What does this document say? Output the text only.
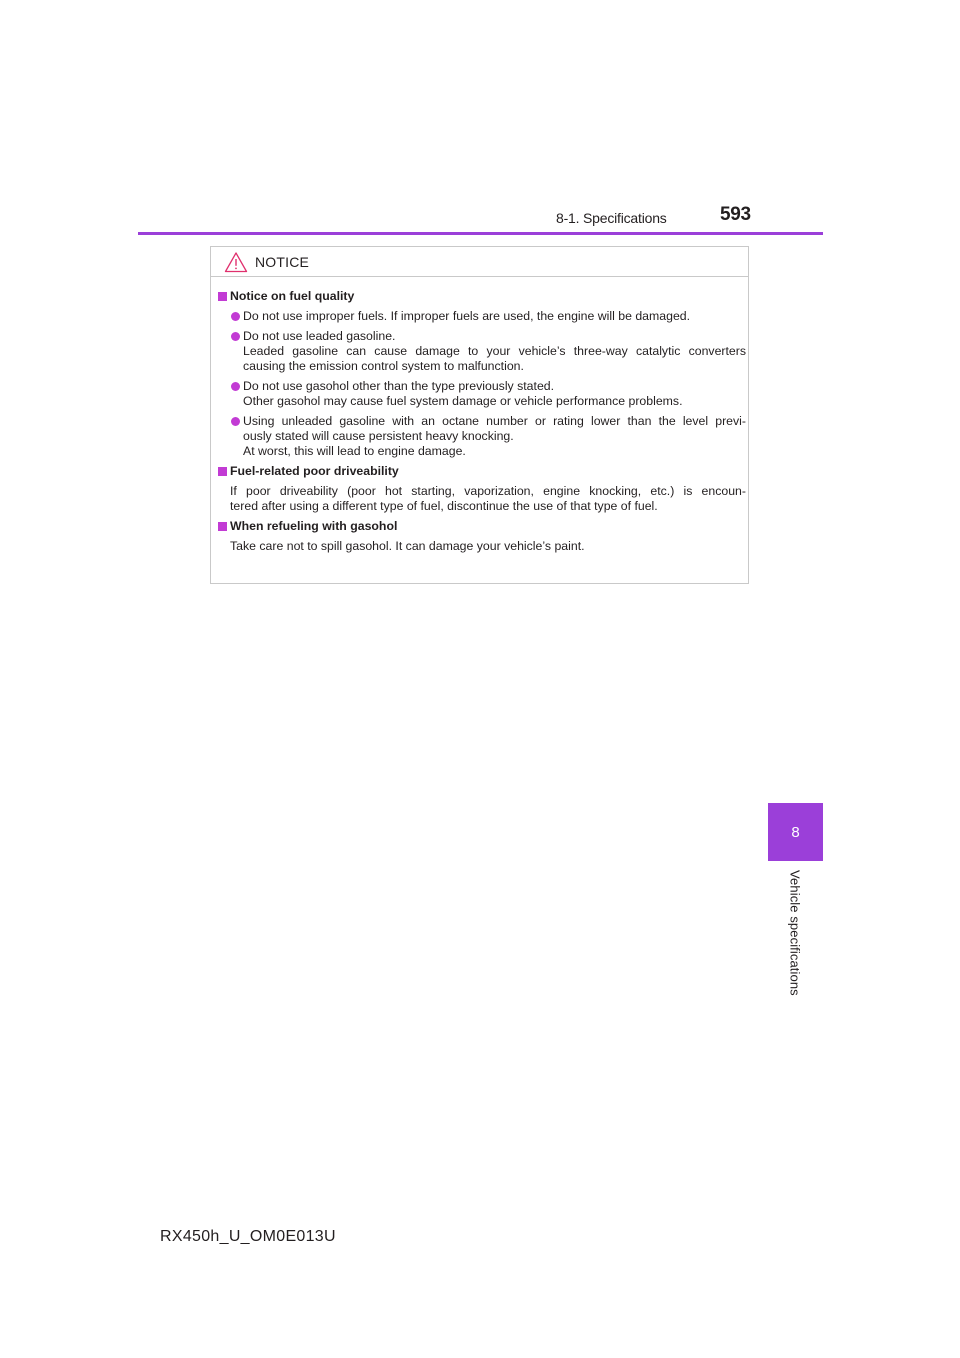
8-1. Specifications	593
NOTICE
Notice on fuel quality
Do not use improper fuels. If improper fuels are used, the engine will be damaged.
Do not use leaded gasoline.
Leaded gasoline can cause damage to your vehicle’s three-way catalytic converters
causing the emission control system to malfunction.
Do not use gasohol other than the type previously stated.
Other gasohol may cause fuel system damage or vehicle performance problems.
Using unleaded gasoline with an octane number or rating lower than the level previ-
ously stated will cause persistent heavy knocking.
At worst, this will lead to engine damage.
Fuel-related poor driveability
If poor driveability (poor hot starting, vaporization, engine knocking, etc.) is encoun-
tered after using a different type of fuel, discontinue the use of that type of fuel.
When refueling with gasohol
Take care not to spill gasohol. It can damage your vehicle’s paint.
8
Vehicle specifications
RX450h_U_OM0E013U
